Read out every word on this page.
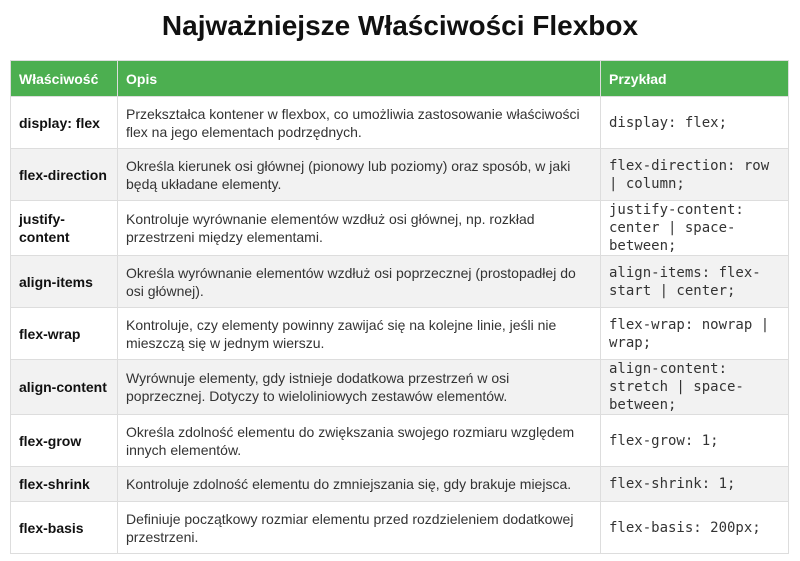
Najważniejsze Właściwości Flexbox
Właściwość	Opis	Przykład
display: flex	Przekształca kontener w flexbox, co umożliwia zastosowanie właściwości flex na jego elementach podrzędnych.	display: flex;
flex-direction	Określa kierunek osi głównej (pionowy lub poziomy) oraz sposób, w jaki będą układane elementy.	flex-direction: row | column;
justify-content	Kontroluje wyrównanie elementów wzdłuż osi głównej, np. rozkład przestrzeni między elementami.	justify-content: center | space-between;
align-items	Określa wyrównanie elementów wzdłuż osi poprzecznej (prostopadłej do osi głównej).	align-items: flex-start | center;
flex-wrap	Kontroluje, czy elementy powinny zawijać się na kolejne linie, jeśli nie mieszczą się w jednym wierszu.	flex-wrap: nowrap | wrap;
align-content	Wyrównuje elementy, gdy istnieje dodatkowa przestrzeń w osi poprzecznej. Dotyczy to wieloliniowych zestawów elementów.	align-content: stretch | space-between;
flex-grow	Określa zdolność elementu do zwiększania swojego rozmiaru względem innych elementów.	flex-grow: 1;
flex-shrink	Kontroluje zdolność elementu do zmniejszania się, gdy brakuje miejsca.	flex-shrink: 1;
flex-basis	Definiuje początkowy rozmiar elementu przed rozdzieleniem dodatkowej przestrzeni.	flex-basis: 200px;
